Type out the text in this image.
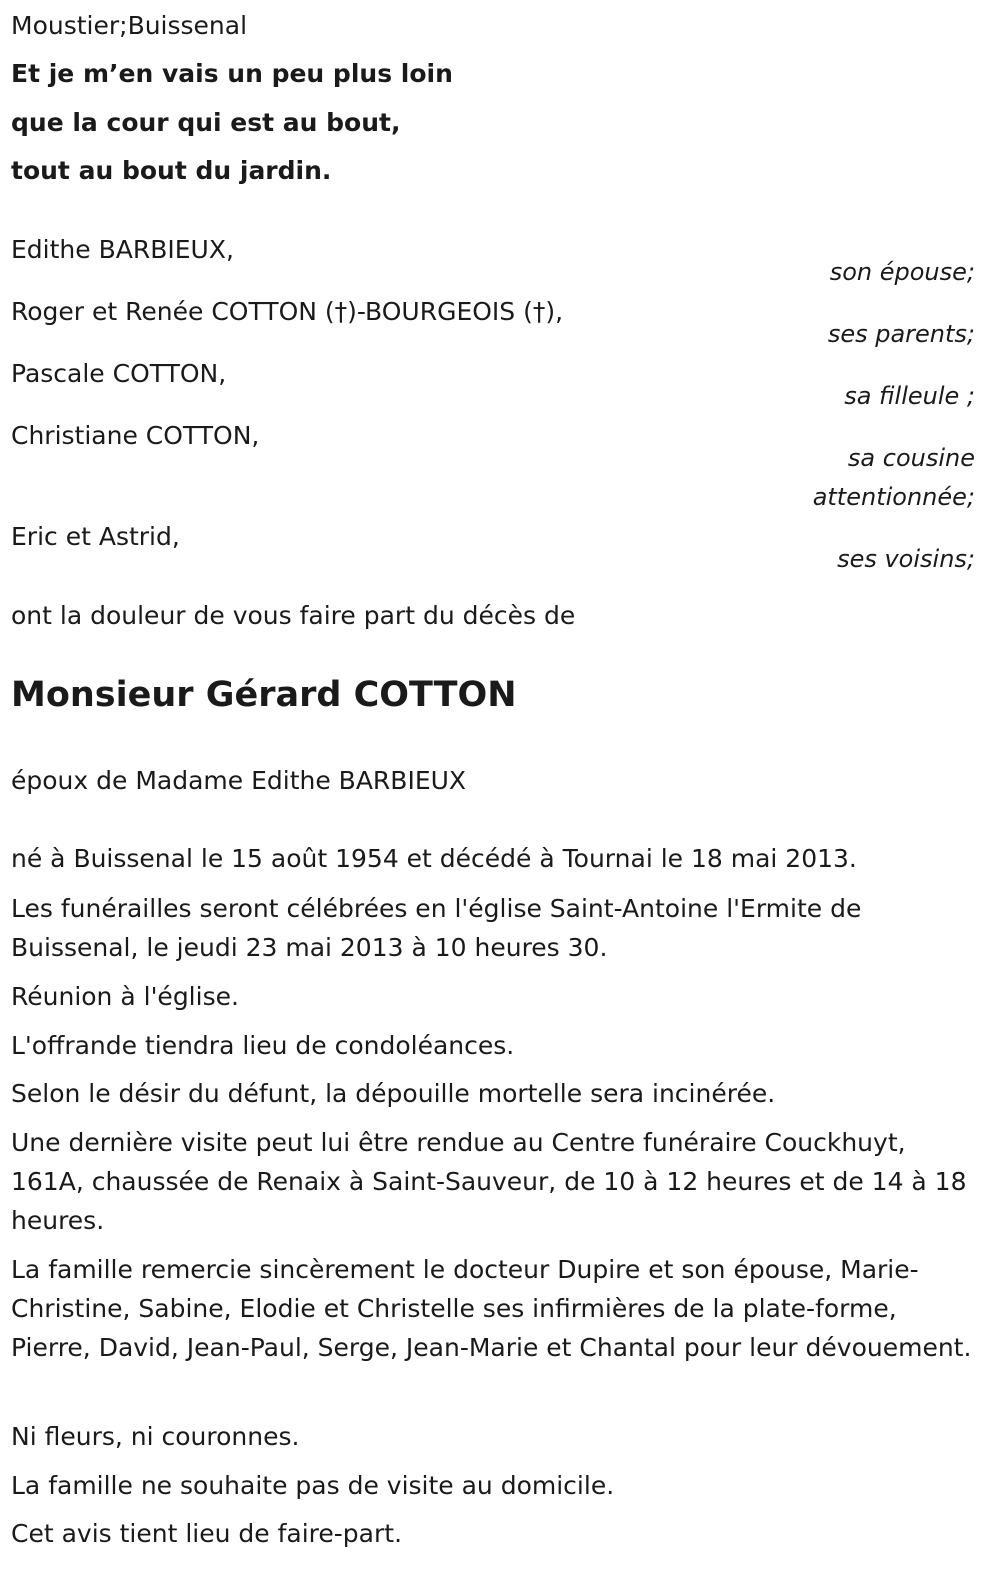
Moustier;Buissenal

Et je m’en vais un peu plus loin

que la cour qui est au bout,

tout au bout du jardin.

Edithe BARBIEUX,

son épouse;

Roger et Renée COTTON (†)-BOURGEOIS (†),

ses parents;

Pascale COTTON,

sa filleule ;

Christiane COTTON,

sa cousine

attentionnée;

Eric et Astrid,

ses voisins;

ont la douleur de vous faire part du décès de

Monsieur Gérard COTTON

époux de Madame Edithe BARBIEUX

né à Buissenal le 15 août 1954 et décédé à Tournai le 18 mai 2013.

Les funérailles seront célébrées en l'église Saint-Antoine l'Ermite de Buissenal, le jeudi 23 mai 2013 à 10 heures 30.

Réunion à l'église.

L'offrande tiendra lieu de condoléances.

Selon le désir du défunt, la dépouille mortelle sera incinérée.

Une dernière visite peut lui être rendue au Centre funéraire Couckhuyt, 161A, chaussée de Renaix à Saint-Sauveur, de 10 à 12 heures et de 14 à 18 heures.

La famille remercie sincèrement le docteur Dupire et son épouse, Marie-Christine, Sabine, Elodie et Christelle ses infirmières de la plate-forme, Pierre, David, Jean-Paul, Serge, Jean-Marie et Chantal pour leur dévouement.

Ni fleurs, ni couronnes.

La famille ne souhaite pas de visite au domicile.

Cet avis tient lieu de faire-part.
